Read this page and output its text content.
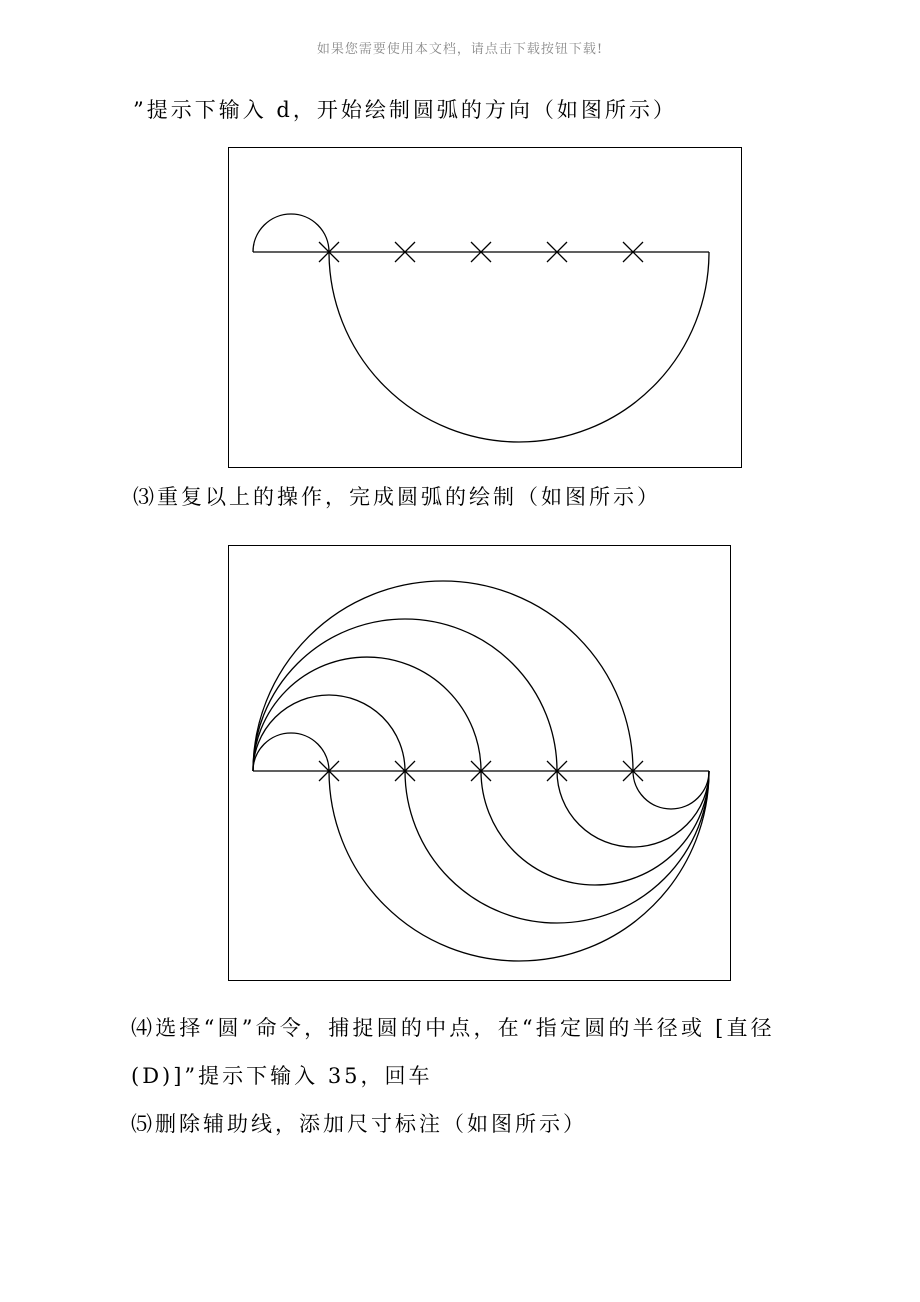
如果您需要使用本文档，请点击下载按钮下载!
”提示下输入 d，开始绘制圆弧的方向（如图所示）
⑶重复以上的操作，完成圆弧的绘制（如图所示）
⑷选择“圆”命令，捕捉圆的中点，在“指定圆的半径或 [直径
(D)]”提示下输入 35，回车
⑸删除辅助线，添加尺寸标注（如图所示）
